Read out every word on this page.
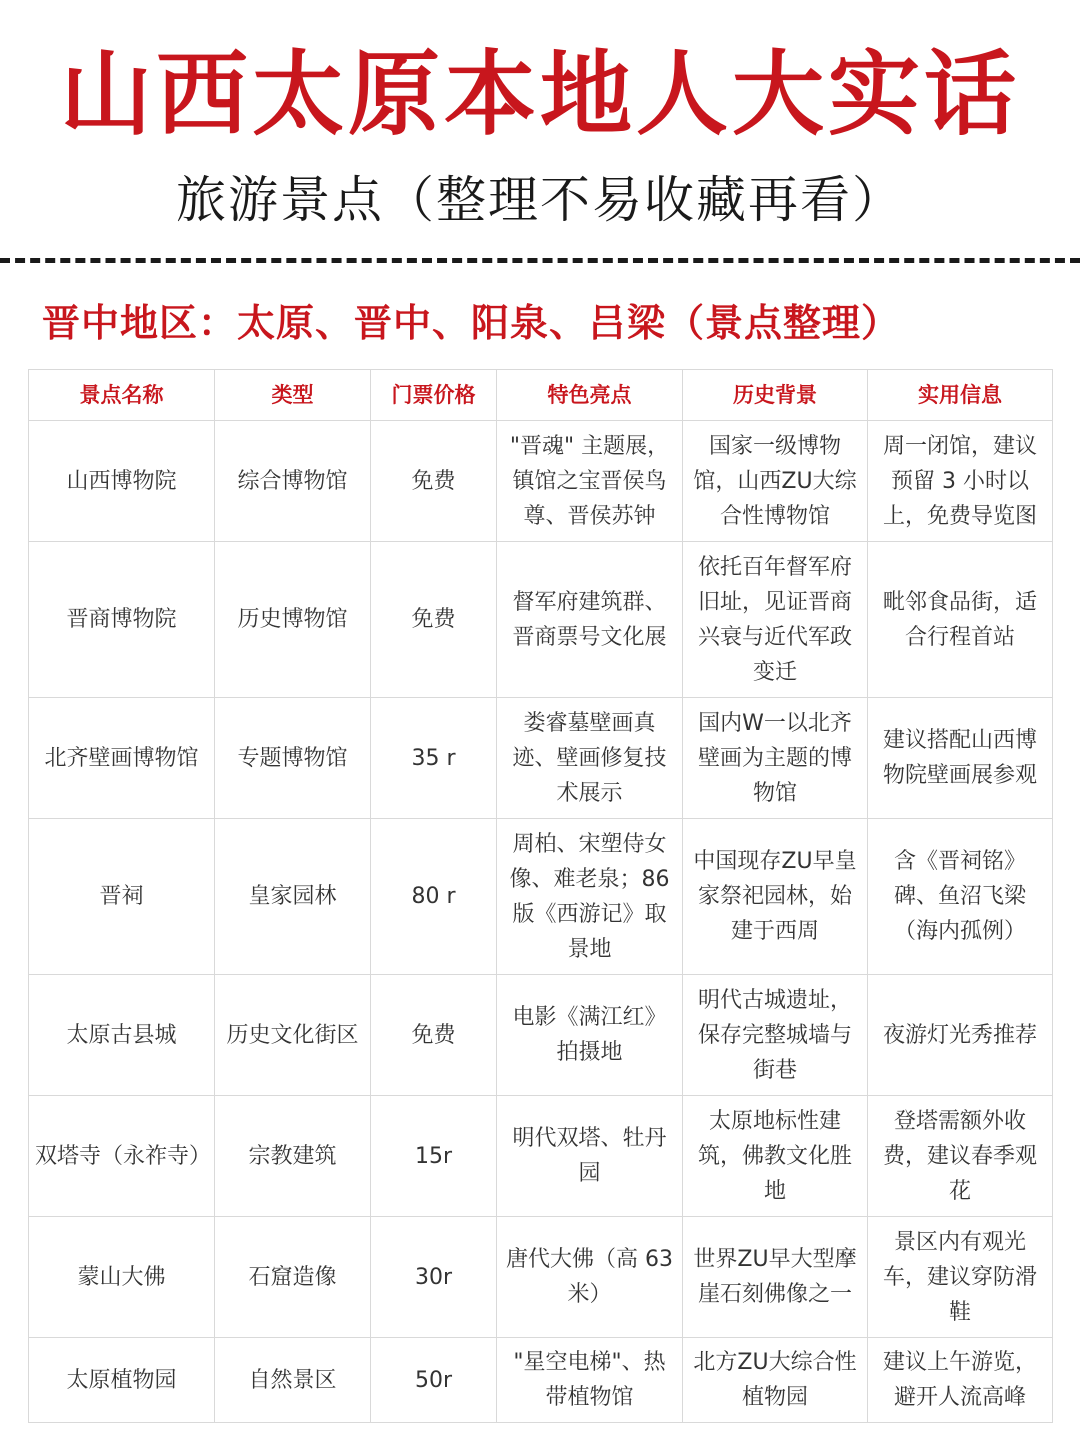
山西太原本地人大实话
旅游景点（整理不易收藏再看）
晋中地区：太原、晋中、阳泉、吕梁（景点整理）
景点名称	类型	门票价格	特色亮点	历史背景	实用信息
山西博物院	综合博物馆	免费	"晋魂" 主题展，镇馆之宝晋侯鸟尊、晋侯苏钟	国家一级博物馆，山西ZU大综合性博物馆	周一闭馆，建议预留 3 小时以上，免费导览图
晋商博物院	历史博物馆	免费	督军府建筑群、晋商票号文化展	依托百年督军府旧址，见证晋商兴衰与近代军政变迁	毗邻食品街，适合行程首站
北齐壁画博物馆	专题博物馆	35 r	娄睿墓壁画真迹、壁画修复技术展示	国内W一以北齐壁画为主题的博物馆	建议搭配山西博物院壁画展参观
晋祠	皇家园林	80 r	周柏、宋塑侍女像、难老泉；86 版《西游记》取景地	中国现存ZU早皇家祭祀园林，始建于西周	含《晋祠铭》碑、鱼沼飞梁（海内孤例）
太原古县城	历史文化街区	免费	电影《满江红》拍摄地	明代古城遗址，保存完整城墙与街巷	夜游灯光秀推荐
双塔寺（永祚寺）	宗教建筑	15r	明代双塔、牡丹园	太原地标性建筑，佛教文化胜地	登塔需额外收费，建议春季观花
蒙山大佛	石窟造像	30r	唐代大佛（高 63 米）	世界ZU早大型摩崖石刻佛像之一	景区内有观光车，建议穿防滑鞋
太原植物园	自然景区	50r	"星空电梯"、热带植物馆	北方ZU大综合性植物园	建议上午游览，避开人流高峰
